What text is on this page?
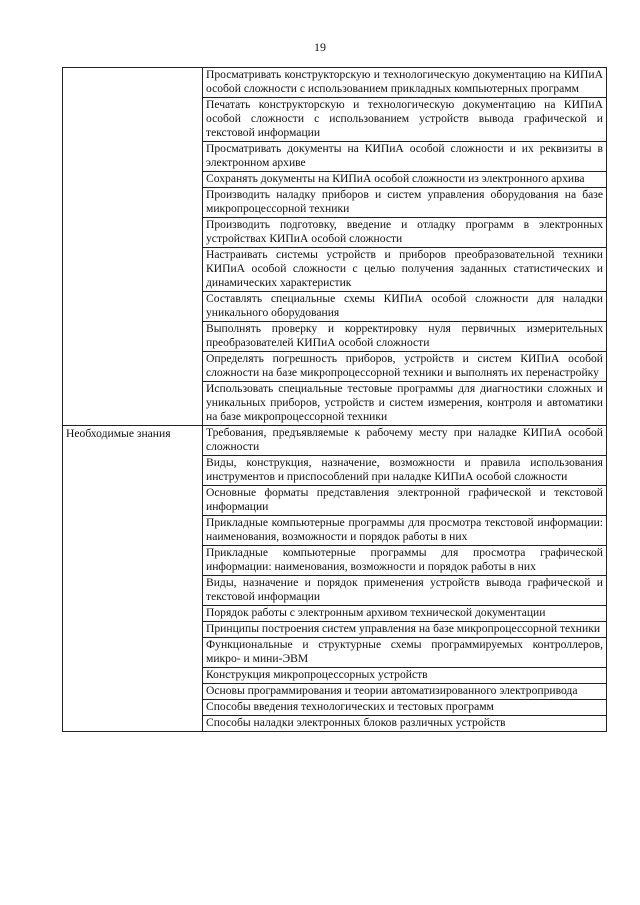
19
	Просматривать конструкторскую и технологическую документацию на КИПиА особой сложности с использованием прикладных компьютерных программ
	Печатать конструкторскую и технологическую документацию на КИПиА особой сложности с использованием устройств вывода графической и текстовой информации
	Просматривать документы на КИПиА особой сложности и их реквизиты в электронном архиве
	Сохранять документы на КИПиА особой сложности из электронного архива
	Производить наладку приборов и систем управления оборудования на базе микропроцессорной техники
	Производить подготовку, введение и отладку программ в электронных устройствах КИПиА особой сложности
	Настраивать системы устройств и приборов преобразовательной техники КИПиА особой сложности с целью получения заданных статистических и динамических характеристик
	Составлять специальные схемы КИПиА особой сложности для наладки уникального оборудования
	Выполнять проверку и корректировку нуля первичных измерительных преобразователей КИПиА особой сложности
	Определять погрешность приборов, устройств и систем КИПиА особой сложности на базе микропроцессорной техники и выполнять их перенастройку
	Использовать специальные тестовые программы для диагностики сложных и уникальных приборов, устройств и систем измерения, контроля и автоматики на базе микропроцессорной техники

Необходимые знания	Требования, предъявляемые к рабочему месту при наладке КИПиА особой сложности
	Виды, конструкция, назначение, возможности и правила использования инструментов и приспособлений при наладке КИПиА особой сложности
	Основные форматы представления электронной графической и текстовой информации
	Прикладные компьютерные программы для просмотра текстовой информации: наименования, возможности и порядок работы в них
	Прикладные компьютерные программы для просмотра графической информации: наименования, возможности и порядок работы в них
	Виды, назначение и порядок применения устройств вывода графической и текстовой информации
	Порядок работы с электронным архивом технической документации
	Принципы построения систем управления на базе микропроцессорной техники
	Функциональные и структурные схемы программируемых контроллеров, микро- и мини-ЭВМ
	Конструкция микропроцессорных устройств
	Основы программирования и теории автоматизированного электропривода
	Способы введения технологических и тестовых программ
	Способы наладки электронных блоков различных устройств
